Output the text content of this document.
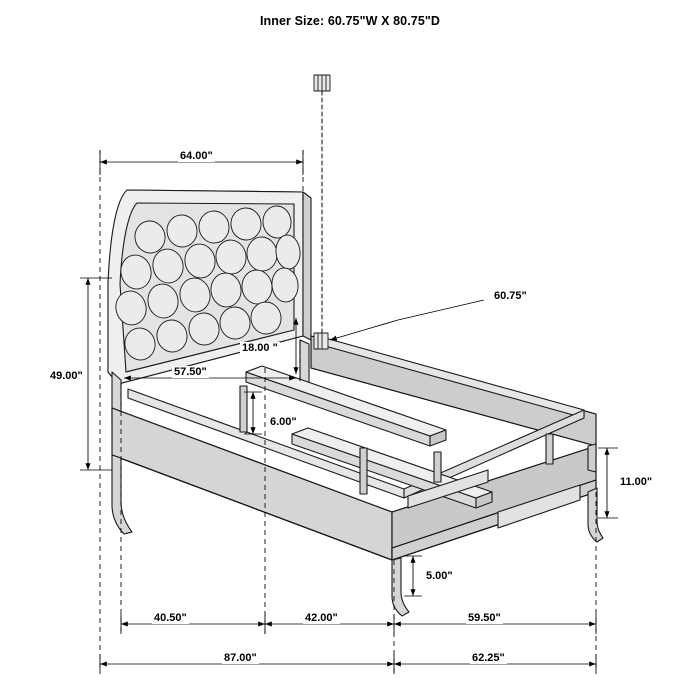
Inner Size: 60.75"W X 80.75"D
64.00"
57.50"
49.00"
18.00 "
6.00"
60.75"
11.00"
5.00"
40.50"	42.00"	59.50"
87.00"	62.25"
